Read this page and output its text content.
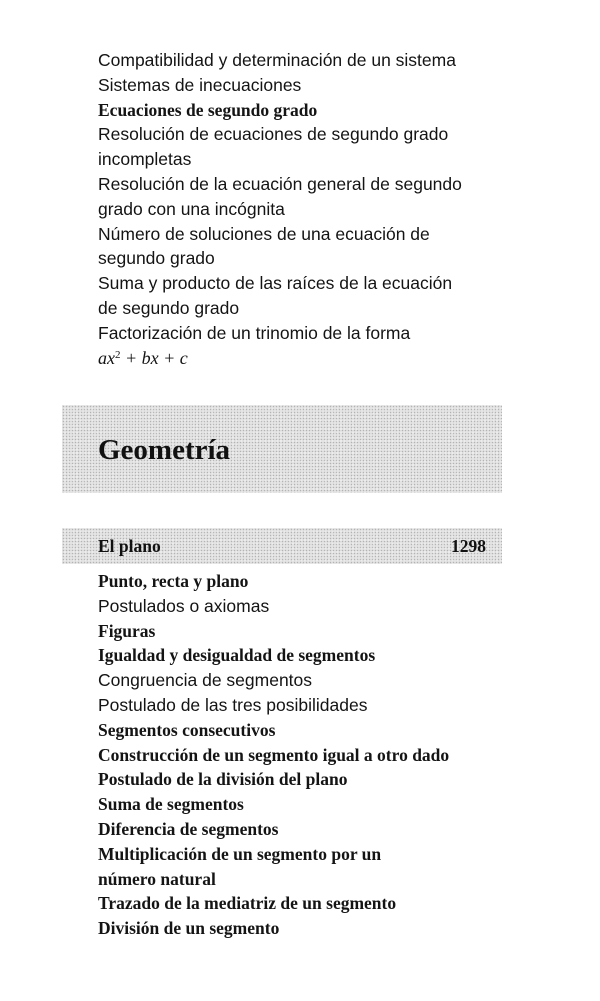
Compatibilidad y determinación de un sistema
Sistemas de inecuaciones
Ecuaciones de segundo grado
Resolución de ecuaciones de segundo grado
incompletas
Resolución de la ecuación general de segundo
grado con una incógnita
Número de soluciones de una ecuación de
segundo grado
Suma y producto de las raíces de la ecuación
de segundo grado
Factorización de un trinomio de la forma
$ax^2$ + bx + c
Geometría
El plano	1298
Punto, recta y plano
Postulados o axiomas
Figuras
Igualdad y desigualdad de segmentos
Congruencia de segmentos
Postulado de las tres posibilidades
Segmentos consecutivos
Construcción de un segmento igual a otro dado
Postulado de la división del plano
Suma de segmentos
Diferencia de segmentos
Multiplicación de un segmento por un
número natural
Trazado de la mediatriz de un segmento
División de un segmento
